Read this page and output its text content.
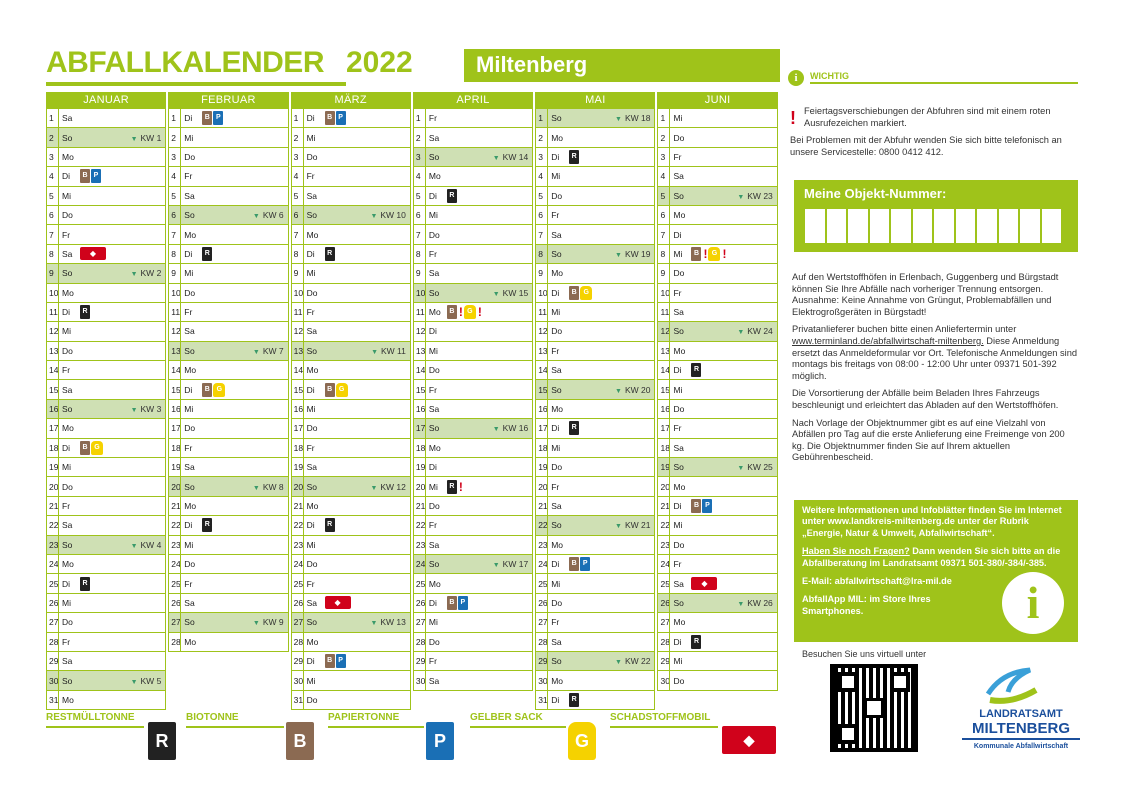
ABFALLKALENDER 2022	Miltenberg
JANUAR
1 Sa
2 So	▼ KW 1
3 Mo
4 Di	B P
5 Mi
6 Do
7 Fr
8 Sa	◆
9 So	▼ KW 2
10 Mo
11 Di	R
12 Mi
13 Do
14 Fr
15 Sa
16 So	▼ KW 3
17 Mo
18 Di	B G
19 Mi
20 Do
21 Fr
22 Sa
23 So	▼ KW 4
24 Mo
25 Di	R
26 Mi
27 Do
28 Fr
29 Sa
30 So	▼ KW 5
31 Mo
FEBRUAR
1 Di	B P
2 Mi
3 Do
4 Fr
5 Sa
6 So	▼ KW 6
7 Mo
8 Di	R
9 Mi
10 Do
11 Fr
12 Sa
13 So	▼ KW 7
14 Mo
15 Di	B G
16 Mi
17 Do
18 Fr
19 Sa
20 So	▼ KW 8
21 Mo
22 Di	R
23 Mi
24 Do
25 Fr
26 Sa
27 So	▼ KW 9
28 Mo
MÄRZ
1 Di	B P
2 Mi
3 Do
4 Fr
5 Sa
6 So	▼ KW 10
7 Mo
8 Di	R
9 Mi
10 Do
11 Fr
12 Sa
13 So	▼ KW 11
14 Mo
15 Di	B G
16 Mi
17 Do
18 Fr
19 Sa
20 So	▼ KW 12
21 Mo
22 Di	R
23 Mi
24 Do
25 Fr
26 Sa	◆
27 So	▼ KW 13
28 Mo
29 Di	B P
30 Mi
31 Do
APRIL
1 Fr
2 Sa
3 So	▼ KW 14
4 Mo
5 Di	R
6 Mi
7 Do
8 Fr
9 Sa
10 So	▼ KW 15
11 Mo	B ! G !
12 Di
13 Mi
14 Do
15 Fr
16 Sa
17 So	▼ KW 16
18 Mo
19 Di
20 Mi	R !
21 Do
22 Fr
23 Sa
24 So	▼ KW 17
25 Mo
26 Di	B P
27 Mi
28 Do
29 Fr
30 Sa
MAI
1 So	▼ KW 18
2 Mo
3 Di	R
4 Mi
5 Do
6 Fr
7 Sa
8 So	▼ KW 19
9 Mo
10 Di	B G
11 Mi
12 Do
13 Fr
14 Sa
15 So	▼ KW 20
16 Mo
17 Di	R
18 Mi
19 Do
20 Fr
21 Sa
22 So	▼ KW 21
23 Mo
24 Di	B P
25 Mi
26 Do
27 Fr
28 Sa
29 So	▼ KW 22
30 Mo
31 Di	R
JUNI
1 Mi
2 Do
3 Fr
4 Sa
5 So	▼ KW 23
6 Mo
7 Di
8 Mi	B ! G !
9 Do
10 Fr
11 Sa
12 So	▼ KW 24
13 Mo
14 Di	R
15 Mi
16 Do
17 Fr
18 Sa
19 So	▼ KW 25
20 Mo
21 Di	B P
22 Mi
23 Do
24 Fr
25 Sa	◆
26 So	▼ KW 26
27 Mo
28 Di	R
29 Mi
30 Do
RESTMÜLLTONNE
R
BIOTONNE
B
PAPIERTONNE
P
GELBER SACK
G
SCHADSTOFFMOBIL
◆
i	WICHTIG
! Feiertagsverschiebungen der Abfuhren sind mit einem roten Ausrufezeichen markiert.

Bei Problemen mit der Abfuhr wenden Sie sich bitte telefonisch an unsere Servicestelle: 0800 0412 412.

Meine Objekt-Nummer:

Auf den Wertstoffhöfen in Erlenbach, Guggenberg und Bürgstadt können Sie Ihre Abfälle nach vorheriger Trennung entsorgen. Ausnahme: Keine Annahme von Grüngut, Problemabfällen und Elektrogroßgeräten in Bürgstadt!

Privatanlieferer buchen bitte einen Anliefertermin unter www.terminland.de/abfallwirtschaft-miltenberg. Diese Anmeldung ersetzt das Anmeldeformular vor Ort. Telefonische Anmeldungen sind montags bis freitags von 08:00 - 12:00 Uhr unter 09371 501-392 möglich.

Die Vorsortierung der Abfälle beim Beladen Ihres Fahrzeugs beschleunigt und erleichtert das Abladen auf den Wertstoffhöfen.

Nach Vorlage der Objektnummer gibt es auf eine Vielzahl von Abfällen pro Tag auf die erste Anlieferung eine Freimenge von 200 kg. Die Objektnummer finden Sie auf Ihrem aktuellen Gebührenbescheid.

Weitere Informationen und Infoblätter finden Sie im Internet unter www.landkreis-miltenberg.de unter der Rubrik „Energie, Natur & Umwelt, Abfallwirtschaft“.

Haben Sie noch Fragen? Dann wenden Sie sich bitte an die Abfallberatung im Landratsamt 09371 501-380/-384/-385.

E-Mail: abfallwirtschaft@lra-mil.de

AbfallApp MIL: im Store Ihres Smartphones.	i
Besuchen Sie uns virtuell unter
LANDRATSAMT
MILTENBERG
Kommunale Abfallwirtschaft
